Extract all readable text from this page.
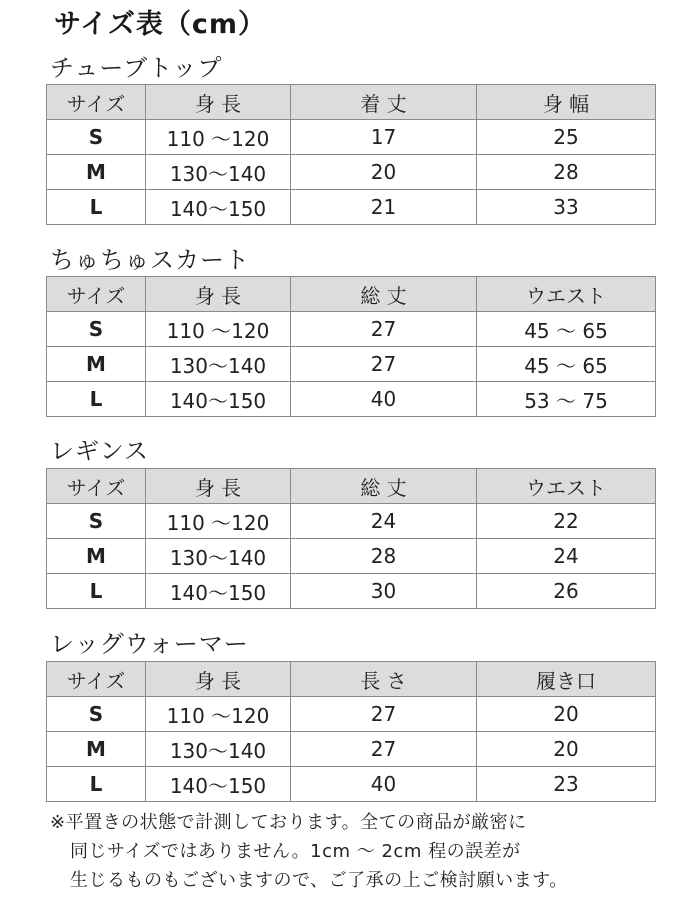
サイズ表（cm）
チューブトップ
サイズ	身 長	着 丈	身 幅
S	110 ～120	17	25
M	130～140	20	28
L	140～150	21	33
ちゅちゅスカート
サイズ	身 長	総 丈	ウエスト
S	110 ～120	27	45 ～ 65
M	130～140	27	45 ～ 65
L	140～150	40	53 ～ 75
レギンス
サイズ	身 長	総 丈	ウエスト
S	110 ～120	24	22
M	130～140	28	24
L	140～150	30	26
レッグウォーマー
サイズ	身 長	長 さ	履き口
S	110 ～120	27	20
M	130～140	27	20
L	140～150	40	23
※平置きの状態で計測しております。全ての商品が厳密に
同じサイズではありません。1cm ～ 2cm 程の誤差が
生じるものもございますので、ご了承の上ご検討願います。
